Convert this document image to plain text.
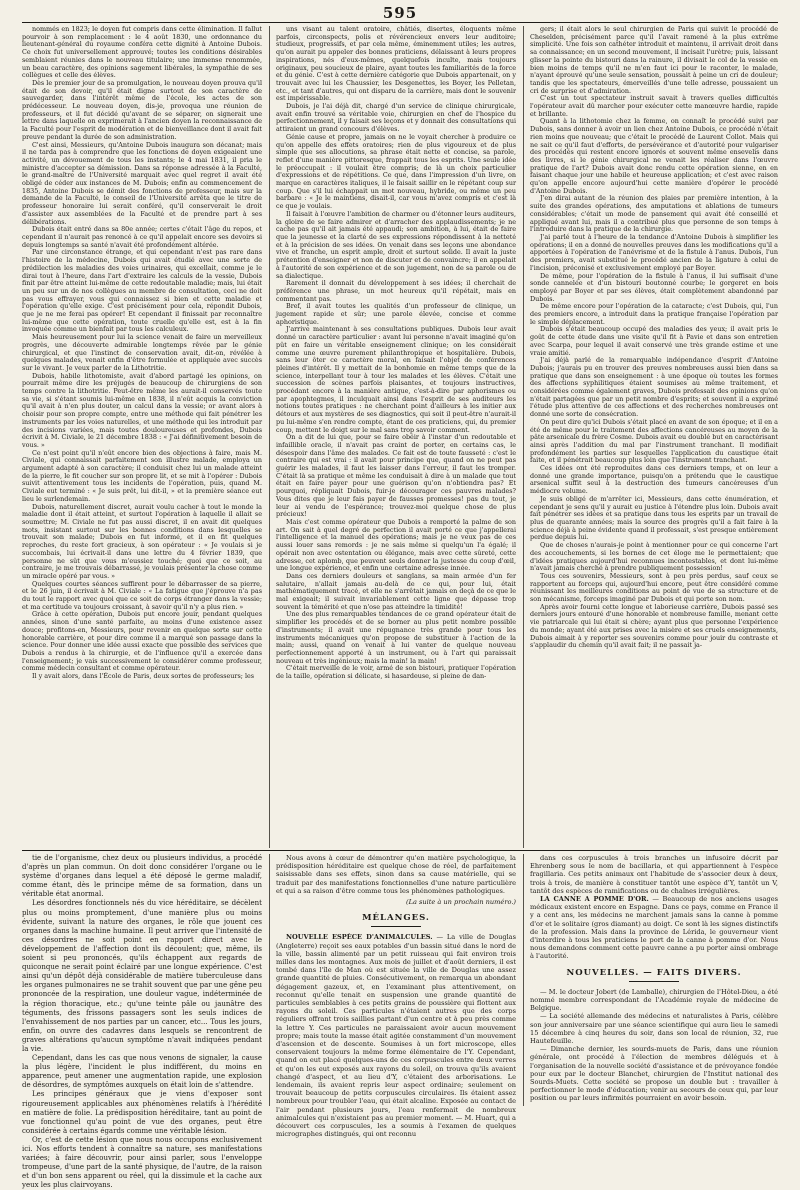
595

nommés en 1823; le doyen fut compris dans cette élimination. Il fallut pourvoir à son remplacement : le 4 août 1830, une ordonnance du lieutenant-général du royaume conféra cette dignité à Antoine Dubois. Ce choix fut universellement approuvé; toutes les conditions désirables semblaient réunies dans le nouveau titulaire; une immense renommée, un beau caractère, des opinions sagement libérales, la sympathie de ses collègues et celle des élèves.

Dès le premier jour de sa promulgation, le nouveau doyen prouva qu'il était de son devoir, qu'il était digne surtout de son caractère de sauvegarder, dans l'intérêt même de l'école, les actes de son prédécesseur. Le nouveau doyen, dis-je, provoqua une réunion de professeurs, et il fut décidé qu'avant de se séparer, on signerait une lettre dans laquelle on exprimerait à l'ancien doyen la reconnaissance de la Faculté pour l'esprit de modération et de bienveillance dont il avait fait preuve pendant la durée de son administration.

C'est ainsi, Messieurs, qu'Antoine Dubois inaugura son décanat; mais il ne tarda pas à comprendre que les fonctions de doyen exigeaient une activité, un dévouement de tous les instants; le 4 mai 1831, il pria le ministre d'accepter sa démission. Dans sa réponse adressée à la Faculté, le grand-maître de l'Université marquait avec quel regret il avait été obligé de céder aux instances de M. Dubois; enfin au commencement de 1835, Antoine Dubois se démit des fonctions de professeur, mais sur la demande de la Faculté, le conseil de l'Université arrêta que le titre de professeur honoraire lui serait conféré, qu'il conserverait le droit d'assister aux assemblées de la Faculté et de prendre part à ses délibérations.

Dubois était entré dans sa 80e année; certes c'était l'âge du repos, et cependant il n'aurait pas renoncé à ce qu'il appelait encore ses devoirs si depuis longtemps sa santé n'avait été profondément altérée.

Par une circonstance étrange, et qui cependant n'est pas rare dans l'histoire de la médecine, Dubois qui avait étudié avec une sorte de prédilection les maladies des voies urinaires, qui excellait, comme je le dirai tout à l'heure, dans l'art d'extraire les calculs de la vessie, Dubois finit par être atteint lui-même de cette redoutable maladie; mais, lui était un peu sur un de nos collègues au membre de consultation, ceci ne doit pas vous effrayer, vous qui connaissez si bien et cette maladie et l'opération qu'elle exige. C'est précisément pour cela, répondit Dubois, que je ne me ferai pas opérer! Et cependant il finissait par reconnaître lui-même que cette opération, toute cruelle qu'elle est, est à la fin invoquée comme un bienfait par tous les calculeux.

Mais heureusement pour lui la science venait de faire un merveilleux progrès, une découverte admirable longtemps rêvée par le génie chirurgical, et que l'instinct de conservation avait, dit-on, révélée à quelques malades, venait enfin d'être formulée et appliquée avec succès sur le vivant. Je veux parler de la Lithotritie.

Dubois, habile lithotomiste, avait d'abord partagé les opinions, on pourrait même dire les préjugés de beaucoup de chirurgiens de son temps contre la lithotritie. Peut-être même les aurait-il conservés toute sa vie, si s'étant soumis lui-même en 1838, il n'eût acquis la conviction qu'il avait à n'en plus douter, un calcul dans la vessie; or avant alors à choisir pour son propre compte, entre une méthode qui fait pénétrer les instruments par les voies naturelles, et une méthode qui les introduit par des incisions variées, mais toutes douloureuses et profondes, Dubois écrivit à M. Civiale, le 21 décembre 1838 : « J'ai définitivement besoin de vous. »

Ce n'est point qu'il n'eût encore bien des objections à faire, mais M. Civiale, qui connaissait parfaitement son illustre malade, employa un argument adapté à son caractère; il conduisit chez lui un malade atteint de la pierre, le fit coucher sur son propre lit, et se mit à l'opérer : Dubois suivit attentivement tous les incidents de l'opération, puis, quand M. Civiale eut terminé : « Je suis prêt, lui dit-il, » et la première séance eut lieu le surlendemain.

Dubois, naturellement discret, aurait voulu cacher à tout le monde la maladie dont il était atteint, et surtout l'opération à laquelle il allait se soumettre; M. Civiale ne fut pas aussi discret, il en avait dit quelques mots, insistant surtout sur les bonnes conditions dans lesquelles se trouvait son malade; Dubois en fut informé, et il en fit quelques reproches, du reste fort gracieux, à son opérateur : « Je voulais si je succombais, lui écrivait-il dans une lettre du 4 février 1839, que personne ne sût que vous m'eussiez touché; quoi que ce soit, au contraire, je me trouvais débarrassé, je voulais présenter la chose comme un miracle opéré par vous. »

Quelques courtes séances suffirent pour le débarrasser de sa pierre, et le 26 juin, il écrivait à M. Civiale : « La fatigue que j'éprouve n'a pas du tout le rapport avec quoi que ce soit de corps étranger dans la vessie; et ma certitude va toujours croissant, à savoir qu'il n'y a plus rien. »

Grâce à cette opération, Dubois put encore jouir, pendant quelques années, sinon d'une santé parfaite, au moins d'une existence assez douce; profitons-en, Messieurs, pour revenir en quelque sorte sur cette honorable carrière, et pour dire comme il a marqué son passage dans la science. Pour donner une idée aussi exacte que possible des services que Dubois a rendus à la chirurgie, et de l'influence qu'il a exercée dans l'enseignement; je vais successivement le considérer comme professeur, comme médecin consultant et comme opérateur.

Il y avait alors, dans l'École de Paris, deux sortes de professeurs; les

uns visant au talent oratoire, châtiés, disertes, éloquents même parfois, circonspects, polis et révérencieux envers leur auditoire; studieux, progressifs, et par cela même, éminemment utiles; les autres, qu'on aurait pu appeler des bonnes praticiens, délaissant à leurs propres inspirations, nés d'eux-mêmes, quelquefois inculte, mais toujours originaux, peu soucieux de plaire, ayant toutes les familiarités de la force et du génie. C'est à cette dernière catégorie que Dubois appartenait, on y trouvait avec lui les Chaussier, les Desgenettes, les Boyer, les Pelletan, etc., et tant d'autres, qui ont disparu de la carrière, mais dont le souvenir est impérissable.

Dubois, je l'ai déjà dit, chargé d'un service de clinique chirurgicale, avait enfin trouvé sa véritable voie, chirurgien en chef de l'hospice du perfectionnement, il y faisait ses leçons et y donnait des consultations qui attiraient un grand concours d'élèves.

Génie cause et propre, jamais on ne le voyait chercher à produire ce qu'on appelle des effets oratoires; rien de plus vigoureux et de plus simple que ses allocutions, sa phrase était nette et concise, sa parole, reflet d'une manière pittoresque, frappait tous les esprits. Une seule idée le préoccupait : il voulait être compris; de là un choix particulier d'expressions et de répétitions. Ce que, dans l'impression d'un livre, on marque en caractères italiques, il le faisait saillir en le répétant coup sur coup. Que s'il lui échappait un mot nouveau, hybride, ou même un peu barbare : « Je le maintiens, disait-il, car vous m'avez compris et c'est là ce que je voulais.

Il faisait à l'œuvre l'ambition de charmer ou d'étonner leurs auditeurs, la gloire de se faire admirer et d'arracher des applaudissements; je ne cache pas qu'il ait jamais été appaudi; son ambition, à lui, était de faire que la jeunesse et la clarté de ses expressions répondissent à la netteté et à la précision de ses idées. On venait dans ses leçons une abondance vive et franche, un esprit ample, droit et surtout solide. Il avait la juste prétention d'enseigner et non de discuter et de convaincre; il en appelait à l'autorité de son expérience et de son jugement, non de sa parole ou de sa dialectique.

Rarement il donnait du développement à ses idées; il cherchait de préférence une phrase, un mot heureux qu'il répétait, mais en commentant pas.

Bref, il avait toutes les qualités d'un professeur de clinique, un jugement rapide et sûr; une parole élevée, concise et comme aphoristique.

J'arrive maintenant à ses consultations publiques. Dubois leur avait donné un caractère particulier : avant lui personne n'avait imaginé qu'on pût en faire un véritable enseignement clinique; on les considérait comme une œuvre purement philanthropique et hospitalière. Dubois, sans leur ôter ce caractère moral, en faisait l'objet de conférences pleines d'intérêt. Il y mettait de la bonhomie en même temps que de la science, interpellant tour à tour les malades et les élèves. C'était une succession de scènes parfois plaisantes, et toujours instructives, procédant encore à la manière antique, c'est-à-dire par aphorismes ou par apophtegmes, il inculquait ainsi dans l'esprit de ses auditeurs les notions toutes pratiques : ne cherchant point d'ailleurs à les initier aux détours et aux mystères de ses diagnostics, qui soit il peut-être n'aurait-il pu lui-même s'en rendre compte, étant de ces praticiens, qui, du premier coup, mettent le doigt sur le mal sans trop savoir comment.

On a dit de lui que, pour se faire obéir à l'instar d'un redoutable et infaillible oracle, il n'avait pas craint de porter, en certains cas, le désespoir dans l'âme des malades. Ce fait est de toute fausseté : c'est le contraire qui est vrai : il avait pour principe que, quand on ne peut pas guérir les malades, il faut les laisser dans l'erreur, il faut les tromper. C'était là sa pratique et même les conduisait à dire à un malade que tout était en faire payer pour une guérison qu'on n'obtiendra pas? Et pourquoi, répliquait Dubois, fuir-je décourager ces pauvres malades? Vous dites que je leur fais payer de fausses promesses! pas du tout, je leur ai vendu de l'espérance; trouvez-moi quelque chose de plus précieux!

Mais c'est comme opérateur que Dubois a remporté la palme de son art. On sait à quel degré de perfection il avait porté ce que j'appellerai l'intelligence et la manuel des opérations; mais je ne veux pas de ces aussi louer sans remords : je ne sais même si quelqu'un l'a égalé; il opérait non avec ostentation ou élégance, mais avec cette sûreté, cette adresse, cet aplomb, que peuvent seuls donner la justesse du coup d'œil, une longue expérience, et enfin une certaine adresse innée.

Dans ces derniers douleurs et sanglans, sa main armée d'un fer salutaire, n'allait jamais au-delà de ce qui, pour lui, était mathématiquement tracé, et elle ne s'arrêtait jamais en deçà de ce que le mal exigeait; il suivait invariablement cette ligne que dépasse trop souvent la témérité et que n'ose pas atteindre la timidité!

Une des plus remarquables tendances de ce grand opérateur était de simplifier les procédés et de se borner au plus petit nombre possible d'instruments; il avait une répugnance très grande pour tous les instruments mécaniques qu'on propose de substituer à l'action de la main; aussi, quand on venait à lui vanter de quelque nouveau perfectionnement apporté à un instrument, ou à l'art qui paraissait nouveau et très ingénieux; mais la main! la main!

C'était merveille de le voir, armé de son bistouri, pratiquer l'opération de la taille, opération si délicate, si hasardeuse, si pleine de dan-

gers; il était alors le seul chirurgien de Paris qui suivit le procédé de Cheselden, précisément parce qu'il l'avait ramené à la plus extrême simplicité. Une fois son cathéter introduit et maintenu, il arrivait droit dans sa connaissance; en un second mouvement, il incisait l'urètre; puis, laissant glisser la pointe du bistouri dans la rainure, il divisait le col de la vessie en bien moins de temps qu'il ne m'en faut ici pour le raconter, le malade, n'ayant éprouvé qu'une seule sensation, poussait à peine un cri de douleur; tandis que les spectateurs, émerveillés d'une telle adresse, poussaient un cri de surprise et d'admiration.

C'est un tout spectateur instruit savait à travers quelles difficultés l'opérateur avait dû marcher pour exécuter cette manœuvre hardie, rapide et brillante.

Quant à la lithotomie chez la femme, on connaît le procédé suivi par Dubois, sans donner à avoir un lien chez Antoine Dubois, ce procédé n'était rien moins que nouveau; que c'était le procédé de Laurent Collot. Mais qui ne sait ce qu'il faut d'efforts, de persévérance et d'autorité pour vulgariser des procédés qui restent encore ignorés et souvent même ensevelis dans des livres, si le génie chirurgical ne venait les réaliser dans l'œuvre pratique de l'art? Dubois avait donc rendu cette opération sienne, en en faisant chaque jour une habile et heureuse application; et c'est avec raison qu'on appelle encore aujourd'hui cette manière d'opérer le procédé d'Antoine Dubois.

J'en dirai autant de la réunion des plaies par première intention, à la suite des grandes opérations, des amputations et ablations de tumeurs considérables; c'était un mode de pansement qui avait été conseillé et appliqué avant lui, mais il a contribué plus que personne de son temps à l'introduire dans la pratique de la chirurgie.

J'ai parlé tout à l'heure de la tendance d'Antoine Dubois à simplifier les opérations; il en a donné de nouvelles preuves dans les modifications qu'il a apportées à l'opération de l'anévrisme et de la fistule à l'anus. Dubois, l'un des premiers, avait substitué le procédé ancien de la ligature à celui de l'incision, préconisé et exclusivement employé par Boyer.

De même, pour l'opération de la fistule à l'anus, il lui suffisait d'une sonde cannelée et d'un bistouri boutonné courbe; le gorgeret en bois employé par Boyer et par ses élèves, était complètement abandonné par Dubois.

De même encore pour l'opération de la cataracte; c'est Dubois, qui, l'un des premiers encore, a introduit dans la pratique française l'opération par le simple déplacement.

Dubois s'était beaucoup occupé des maladies des yeux; il avait pris le goût de cette étude dans une visite qu'il fit à Pavie et dans son entretien avec Scarpa, pour lequel il avait conservé une très grande estime et une vraie amitié.

J'ai déjà parlé de la remarquable indépendance d'esprit d'Antoine Dubois; j'aurais pu en trouver des preuves nombreuses aussi bien dans sa pratique que dans son enseignement : à une époque où toutes les formes des affections syphilitiques étaient soumises au même traitement, et considérées comme également graves, Dubois professait des opinions qu'on n'était partagées que par un petit nombre d'esprits; et souvent il a exprimé l'étude plus attentive de ces affections et des recherches nombreuses ont donné une sorte de consécration.

On peut dire qu'ici Dubois s'était placé en avant de son époque; et il en a été de même pour le traitement des affections cancéreuses au moyen de la pâte arsenicale du frère Cosme. Dubois avait eu doublé but en caractérisant ainsi après l'addition du mal par l'instrument tranchant. Il modifiait profondément les parties sur lesquelles l'application du caustique était faite, et il pénétrait beaucoup plus loin que l'instrument tranchant.

Ces idées ont été reproduites dans ces derniers temps, et on leur a donné une grande importance, puisqu'on a prétendu que le caustique arsenical suffit seul à la destruction des tumeurs cancéreuses d'un médiocre volume.

Je suis obligé de m'arrêter ici, Messieurs, dans cette énumération, et cependant je sens qu'il y aurait eu justice à l'étendre plus loin. Dubois avait fait pénétrer ses idées et sa pratique dans tous les esprits par un travail de plus de quarante années; mais la source des progrès qu'il a fait faire à la science déjà à peine évidente quand il professait, s'est presque entièrement perdue depuis lui.

Que de choses n'aurais-je point à mentionner pour ce qui concerne l'art des accouchements, si les bornes de cet éloge me le permettaient; que d'idées pratiques aujourd'hui reconnues incontestables, et dont lui-même n'avait jamais cherché à prendre publiquement possession!

Tous ces souvenirs, Messieurs, sont à peu près perdus, sauf ceux se rapportent au forceps qui, aujourd'hui encore, peut être considéré comme réunissant les meilleures conditions au point de vue de sa structure et de son mécanisme, forceps imaginé par Dubois et qui porte son nom.

Après avoir fourni cette longue et laborieuse carrière, Dubois passé ses derniers jours entouré d'une honorable et nombreuse famille, menant cette vie patriarcale qui lui était si chère; ayant plus que personne l'expérience du monde; ayant été aux prises avec la misère et ses cruels enseignements, Dubois aimait à y reporter ses souvenirs comme pour jouir du contraste et s'applaudir du chemin qu'il avait fait; il ne passait ja-

tie de l'organisme, chez deux ou plusieurs individus, a procédé d'après un plan commun. On doit donc considérer l'organe ou le système d'organes dans lequel a été déposé le germe maladif, comme étant, dès le principe même de sa formation, dans un véritable état anormal.

Les désordres fonctionnels nés du vice héréditaire, se décèlent plus ou moins promptement, d'une manière plus ou moins évidente, suivant la nature des organes, le rôle que jouent ces organes dans la machine humaine. Il peut arriver que l'intensité de ces désordres ne soit point en rapport direct avec le développement de l'affection dont ils découlent; que, même, ils soient si peu prononcés, qu'ils échappent aux regards de quiconque ne serait point éclairé par une longue expérience. C'est ainsi qu'un dépôt déjà considérable de matière tuberculeuse dans les organes pulmonaires ne se trahit souvent que par une gêne peu prononcée de la respiration, une douleur vague, indéterminée de la région thoracique, etc.; qu'une teinte pâle ou jaunâtre des téguments, des frissons passagers sont les seuls indices de l'envahissement de nos parties par un cancer, etc... Tous les jours, enfin, on ouvre des cadavres dans lesquels se rencontrent de graves altérations qu'aucun symptôme n'avait indiquées pendant la vie.

Cependant, dans les cas que nous venons de signaler, la cause la plus légère, l'incident le plus indifférent, du moins en apparence, peut amener une augmentation rapide, une explosion de désordres, de symptômes auxquels on était loin de s'attendre.

Les principes généraux que je viens d'exposer sont rigoureusement applicables aux phénomènes relatifs à l'hérédité en matière de folie. La prédisposition héréditaire, tant au point de vue fonctionnel qu'au point de vue des organes, peut être considérée à certains égards comme une véritable lésion.

Or, c'est de cette lésion que nous nous occupons exclusivement ici. Nos efforts tendent à connaître sa nature, ses manifestations variées; à faire découvrir, pour ainsi parler, sous l'enveloppe trompeuse, d'une part de la santé physique, de l'autre, de la raison et d'un bon sens apparent ou réel, qui la dissimule et la cache aux yeux les plus clairvoyans.

Nous avons à cœur de démontrer qu'en matière psychologique, la prédisposition héréditaire est quelque chose de réel, de parfaitement saisissable dans ses effets, sinon dans sa cause matérielle, qui se traduit par des manifestations fonctionnelles d'une nature particulière et qui a sa raison d'être comme tous les phénomènes pathologiques.

(La suite à un prochain numéro.)

MÉLANGES.

NOUVELLE ESPÈCE D'ANIMALCULES. — La ville de Douglas (Angleterre) reçoit ses eaux potables d'un bassin situé dans le nord de la ville, bassin alimenté par un petit ruisseau qui fait environ trois milles dans les montagnes. Aux mois de juillet et d'août derniers, il est tombé dans l'île de Man où est située la ville de Douglas une assez grande quantité de pluies. Consécutivement, on remarqua un abondant dégagement gazeux, et, en l'examinant plus attentivement, on reconnut qu'elle tenait en suspension une grande quantité de particules semblables à ces petits grains de poussière qui flottent aux rayons du soleil. Ces particules n'étaient autres que des corps réguliers offrant trois saillies partant d'un centre et à peu près comme la lettre Y. Ces particules ne paraissaient avoir aucun mouvement propre; mais toute la masse était agitée constamment d'un mouvement d'ascension et de descente. Soumises à un fort microscope, elles conservaient toujours la même forme élémentaire de l'Y. Cependant, quand on eut placé quelques-uns de ces corpuscules entre deux verres et qu'on les eut exposés aux rayons du soleil, on trouva qu'ils avaient changé d'aspect, et au lieu d'Y, c'étaient des arborisations. Le lendemain, ils avaient repris leur aspect ordinaire; seulement on trouvait beaucoup de petits corpuscules circulaires. Ils étaient assez nombreux pour troubler l'eau, qui était alcaline. Exposée au contact de l'air pendant plusieurs jours, l'eau renfermait de nombreux animalcules qui n'existaient pas au premier moment. — M. Huart, qui a découvert ces corpuscules, les a soumis à l'examen de quelques micrographes distingués, qui ont reconnu

dans ces corpuscules à trois branches un infusoire décrit par Ehrenberg sous le nom de bacillaria, et qui appartiennent à l'espèce fragillaria. Ces petits animaux ont l'habitude de s'associer deux à deux, trois à trois, de manière à constituer tantôt une espèce d'Y, tantôt un V, tantôt des espèces de ramifications ou de chaînes irrégulières.

LA CANNE A POMME D'OR. — Beaucoup de nos anciens usages médicaux existent encore en Espagne. Dans ce pays, comme en France il y a cent ans, les médecins ne marchent jamais sans la canne à pomme d'or et le solitaire (gros diamant) au doigt. Ce sont là les signes distinctifs de la profession. Mais dans la province de Lérida, le gouverneur vient d'interdire à tous les praticiens le port de la canne à pomme d'or. Nous nous demandons comment cette pauvre canne a pu porter ainsi ombrage à l'autorité.

NOUVELLES. — FAITS DIVERS.

— M. le docteur Jobert (de Lamballe), chirurgien de l'Hôtel-Dieu, a été nommé membre correspondant de l'Académie royale de médecine de Belgique.

— La société allemande des médecins et naturalistes à Paris, célèbre son jour anniversaire par une séance scientifique qui aura lieu le samedi 15 décembre à cinq heures du soir, dans son local de réunion, 32, rue Hautefeuille.

— Dimanche dernier, les sourds-muets de Paris, dans une réunion générale, ont procédé à l'élection de membres délégués et à l'organisation de la nouvelle société d'assistance et de prévoyance fondée pour eux par le docteur Blanchet, chirurgien de l'Institut national des Sourds-Muets. Cette société se propose un double but : travailler à perfectionner le mode d'éducation; venir au secours de ceux qui, par leur position ou par leurs infirmités pourraient en avoir besoin.
